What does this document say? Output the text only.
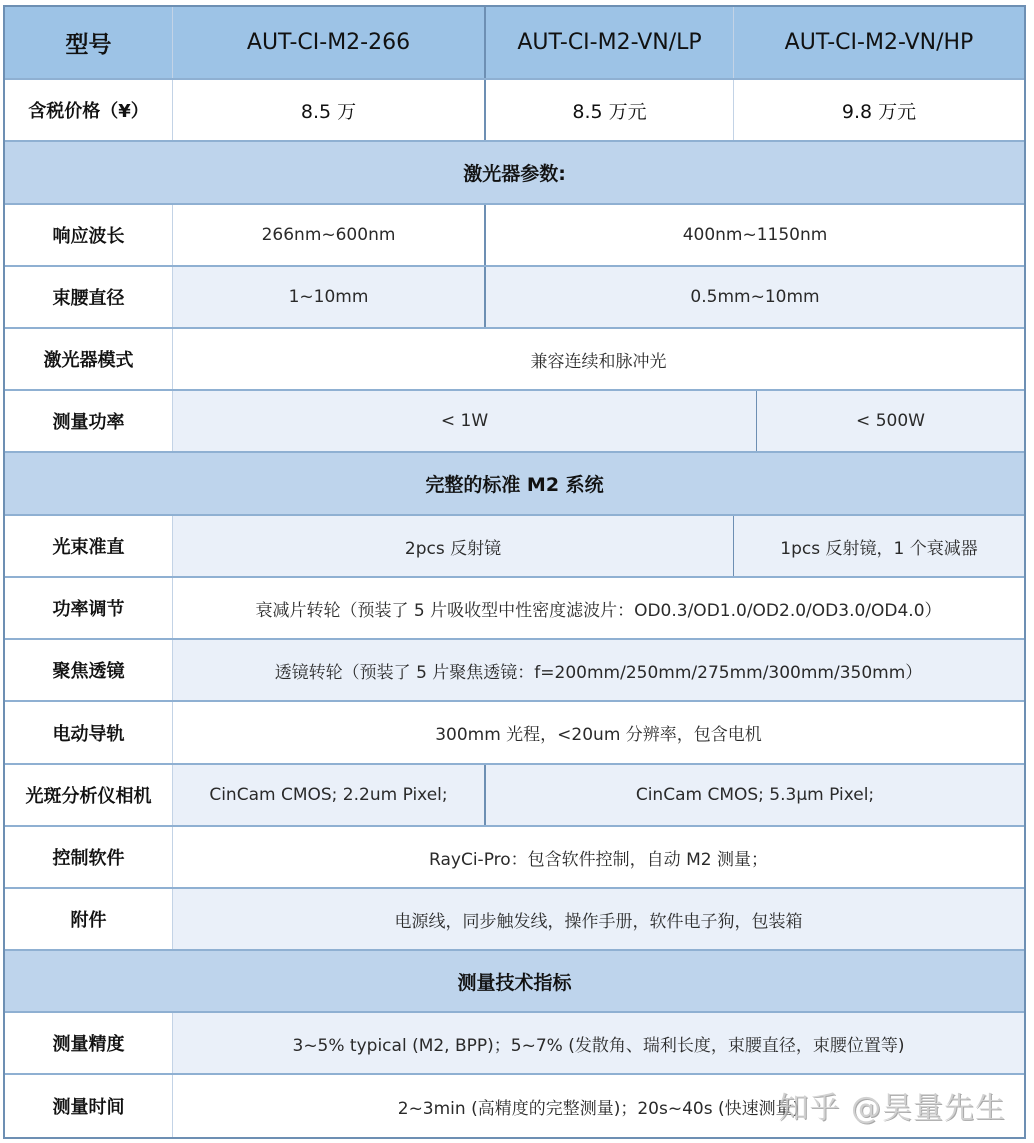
型号	AUT-CI-M2-266	AUT-CI-M2-VN/LP	AUT-CI-M2-VN/HP
含税价格（¥）	8.5 万	8.5 万元	9.8 万元
激光器参数:
响应波长	266nm~600nm	400nm~1150nm
束腰直径	1~10mm	0.5mm~10mm
激光器模式	兼容连续和脉冲光
测量功率	< 1W	< 500W
完整的标准 M2 系统
光束准直	2pcs 反射镜	1pcs 反射镜，1 个衰减器
功率调节	衰减片转轮（预装了 5 片吸收型中性密度滤波片：OD0.3/OD1.0/OD2.0/OD3.0/OD4.0）
聚焦透镜	透镜转轮（预装了 5 片聚焦透镜：f=200mm/250mm/275mm/300mm/350mm）
电动导轨	300mm 光程，<20um 分辨率，包含电机
光斑分析仪相机	CinCam CMOS; 2.2um Pixel;	CinCam CMOS; 5.3μm Pixel;
控制软件	RayCi-Pro：包含软件控制，自动 M2 测量；
附件	电源线，同步触发线，操作手册，软件电子狗，包装箱
测量技术指标
测量精度	3~5% typical (M2, BPP)；5~7% (发散角、瑞利长度，束腰直径，束腰位置等)
测量时间	2~3min (高精度的完整测量)；20s~40s (快速测量)
知乎 @昊量先生
